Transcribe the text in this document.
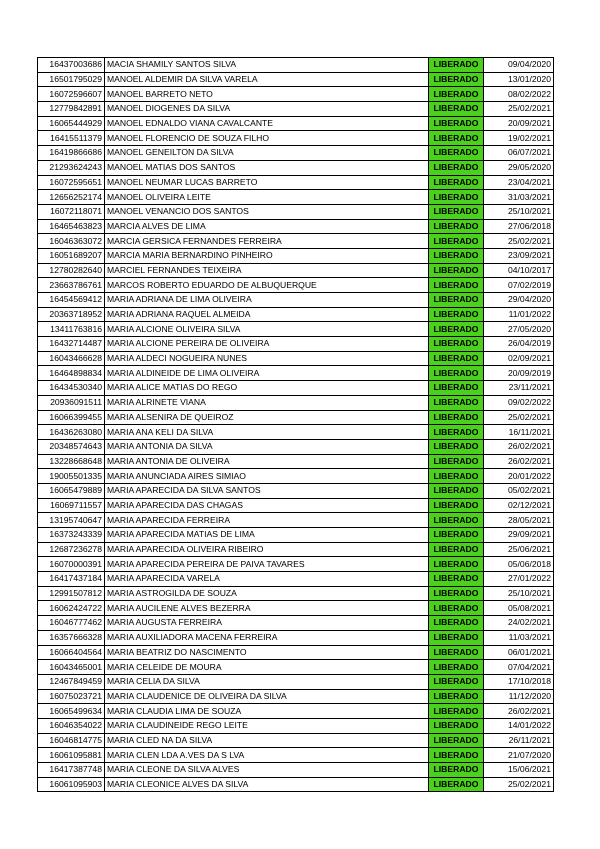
16437003686	MACIA SHAMILY SANTOS SILVA	LIBERADO	09/04/2020
16501795029	MANOEL ALDEMIR DA SILVA VARELA	LIBERADO	13/01/2020
16072596607	MANOEL BARRETO NETO	LIBERADO	08/02/2022
12779842891	MANOEL DIOGENES DA SILVA	LIBERADO	25/02/2021
16065444929	MANOEL EDNALDO VIANA CAVALCANTE	LIBERADO	20/09/2021
16415511379	MANOEL FLORENCIO DE SOUZA FILHO	LIBERADO	19/02/2021
16419866686	MANOEL GENEILTON DA SILVA	LIBERADO	06/07/2021
21293624243	MANOEL MATIAS DOS SANTOS	LIBERADO	29/05/2020
16072595651	MANOEL NEUMAR LUCAS BARRETO	LIBERADO	23/04/2021
12656252174	MANOEL OLIVEIRA LEITE	LIBERADO	31/03/2021
16072118071	MANOEL VENANCIO DOS SANTOS	LIBERADO	25/10/2021
16465463823	MARCIA ALVES DE LIMA	LIBERADO	27/06/2018
16046363072	MARCIA GERSICA FERNANDES FERREIRA	LIBERADO	25/02/2021
16051689207	MARCIA MARIA BERNARDINO PINHEIRO	LIBERADO	23/09/2021
12780282640	MARCIEL FERNANDES TEIXEIRA	LIBERADO	04/10/2017
23663786761	MARCOS ROBERTO EDUARDO DE ALBUQUERQUE	LIBERADO	07/02/2019
16454569412	MARIA ADRIANA DE LIMA OLIVEIRA	LIBERADO	29/04/2020
20363718952	MARIA ADRIANA RAQUEL ALMEIDA	LIBERADO	11/01/2022
13411763816	MARIA ALCIONE OLIVEIRA SILVA	LIBERADO	27/05/2020
16432714487	MARIA ALCIONE PEREIRA DE OLIVEIRA	LIBERADO	26/04/2019
16043466628	MARIA ALDECI NOGUEIRA NUNES	LIBERADO	02/09/2021
16464898834	MARIA ALDINEIDE DE LIMA OLIVEIRA	LIBERADO	20/09/2019
16434530340	MARIA ALICE MATIAS DO REGO	LIBERADO	23/11/2021
20936091511	MARIA ALRINETE VIANA	LIBERADO	09/02/2022
16066399455	MARIA ALSENIRA DE QUEIROZ	LIBERADO	25/02/2021
16436263080	MARIA ANA KELI DA SILVA	LIBERADO	16/11/2021
20348574643	MARIA ANTONIA DA SILVA	LIBERADO	26/02/2021
13228668648	MARIA ANTONIA DE OLIVEIRA	LIBERADO	26/02/2021
19005501335	MARIA ANUNCIADA AIRES SIMIAO	LIBERADO	20/01/2022
16065479889	MARIA APARECIDA DA SILVA SANTOS	LIBERADO	05/02/2021
16069711557	MARIA APARECIDA DAS CHAGAS	LIBERADO	02/12/2021
13195740647	MARIA APARECIDA FERREIRA	LIBERADO	28/05/2021
16373243339	MARIA APARECIDA MATIAS DE LIMA	LIBERADO	29/09/2021
12687236278	MARIA APARECIDA OLIVEIRA RIBEIRO	LIBERADO	25/06/2021
16070000391	MARIA APARECIDA PEREIRA DE PAIVA TAVARES	LIBERADO	05/06/2018
16417437184	MARIA APARECIDA VARELA	LIBERADO	27/01/2022
12991507812	MARIA ASTROGILDA DE SOUZA	LIBERADO	25/10/2021
16062424722	MARIA AUCILENE ALVES BEZERRA	LIBERADO	05/08/2021
16046777462	MARIA AUGUSTA FERREIRA	LIBERADO	24/02/2021
16357666328	MARIA AUXILIADORA MACENA FERREIRA	LIBERADO	11/03/2021
16066404564	MARIA BEATRIZ DO NASCIMENTO	LIBERADO	06/01/2021
16043465001	MARIA CELEIDE DE MOURA	LIBERADO	07/04/2021
12467849459	MARIA CELIA DA SILVA	LIBERADO	17/10/2018
16075023721	MARIA CLAUDENICE DE OLIVEIRA DA SILVA	LIBERADO	11/12/2020
16065499634	MARIA CLAUDIA LIMA DE SOUZA	LIBERADO	26/02/2021
16046354022	MARIA CLAUDINEIDE REGO LEITE	LIBERADO	14/01/2022
16046814775	MARIA CLED NA DA SILVA	LIBERADO	26/11/2021
16061095881	MARIA CLEN LDA A.VES DA S LVA	LIBERADO	21/07/2020
16417387748	MARIA CLEONE DA SILVA ALVES	LIBERADO	15/06/2021
16061095903	MARIA CLEONICE ALVES DA SILVA	LIBERADO	25/02/2021
